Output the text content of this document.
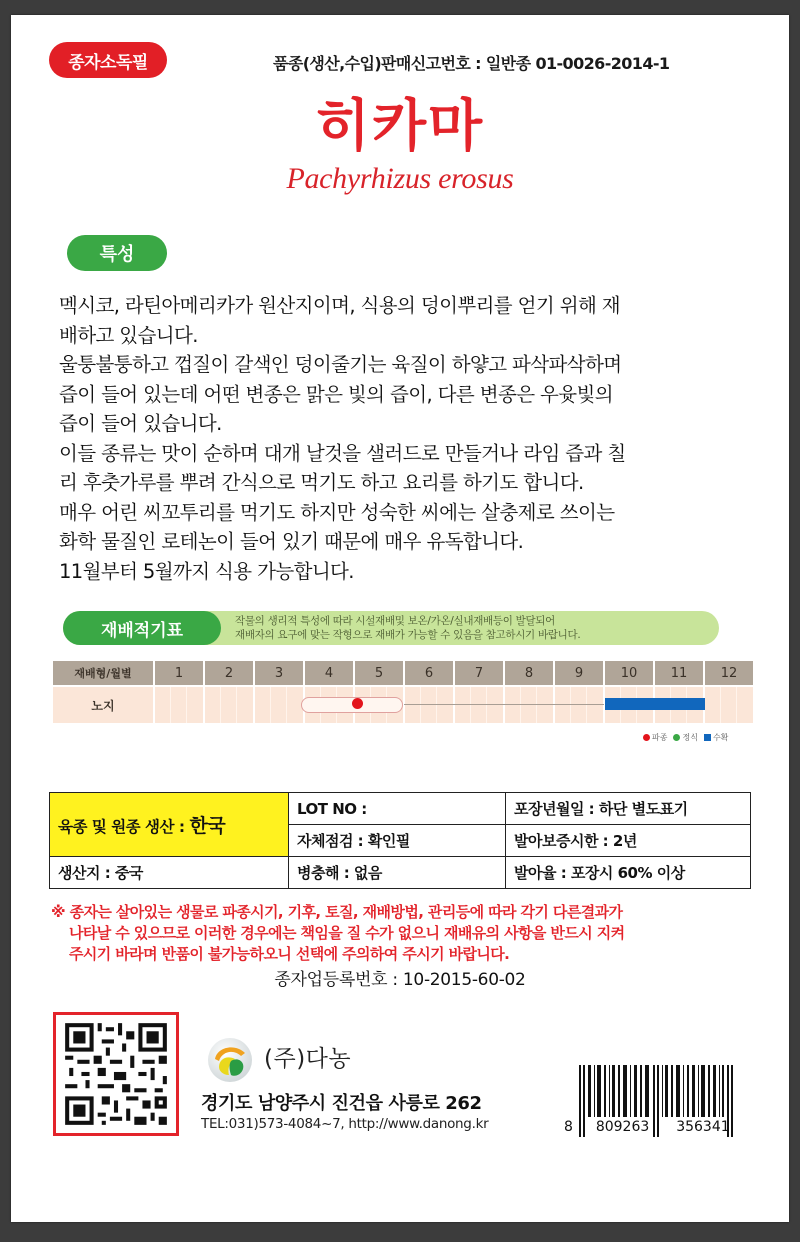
종자소독필	품종(생산,수입)판매신고번호 : 일반종 01-0026-2014-1
히카마
Pachyrhizus erosus
특성
멕시코, 라틴아메리카가 원산지이며, 식용의 덩이뿌리를 얻기 위해 재
배하고 있습니다.
울퉁불퉁하고 껍질이 갈색인 덩이줄기는 육질이 하얗고 파삭파삭하며
즙이 들어 있는데 어떤 변종은 맑은 빛의 즙이, 다른 변종은 우윳빛의
즙이 들어 있습니다.
이들 종류는 맛이 순하며 대개 날것을 샐러드로 만들거나 라임 즙과 칠
리 후춧가루를 뿌려 간식으로 먹기도 하고 요리를 하기도 합니다.
매우 어린 씨꼬투리를 먹기도 하지만 성숙한 씨에는 살충제로 쓰이는
화학 물질인 로테논이 들어 있기 때문에 매우 유독합니다.
11월부터 5월까지 식용 가능합니다.
재배적기표	작물의 생리적 특성에 따라 시설재배및 보온/가온/실내재배등이 발달되어
재배자의 요구에 맞는 작형으로 재배가 가능할 수 있음을 참고하시기 바랍니다.
재배형/월별	1	2	3	4	5	6	7	8	9	10	11	12
노지
파종 정식 수확
육종 및 원종 생산 : 한국	LOT NO :	포장년월일 : 하단 별도표기
	자체점검 : 확인필	발아보증시한 : 2년
생산지 : 중국	병충해 : 없음	발아율 : 포장시 60% 이상
※ 종자는 살아있는 생물로 파종시기, 기후, 토질, 재배방법, 관리등에 따라 각기 다른결과가
나타날 수 있으므로 이러한 경우에는 책임을 질 수가 없으니 재배유의 사항을 반드시 지켜
주시기 바라며 반품이 불가능하오니 선택에 주의하여 주시기 바랍니다.
종자업등록번호 : 10-2015-60-02
(주)다농
경기도 남양주시 진건읍 사릉로 262
TEL:031)573-4084~7, http://www.danong.kr	8 809263 356341
